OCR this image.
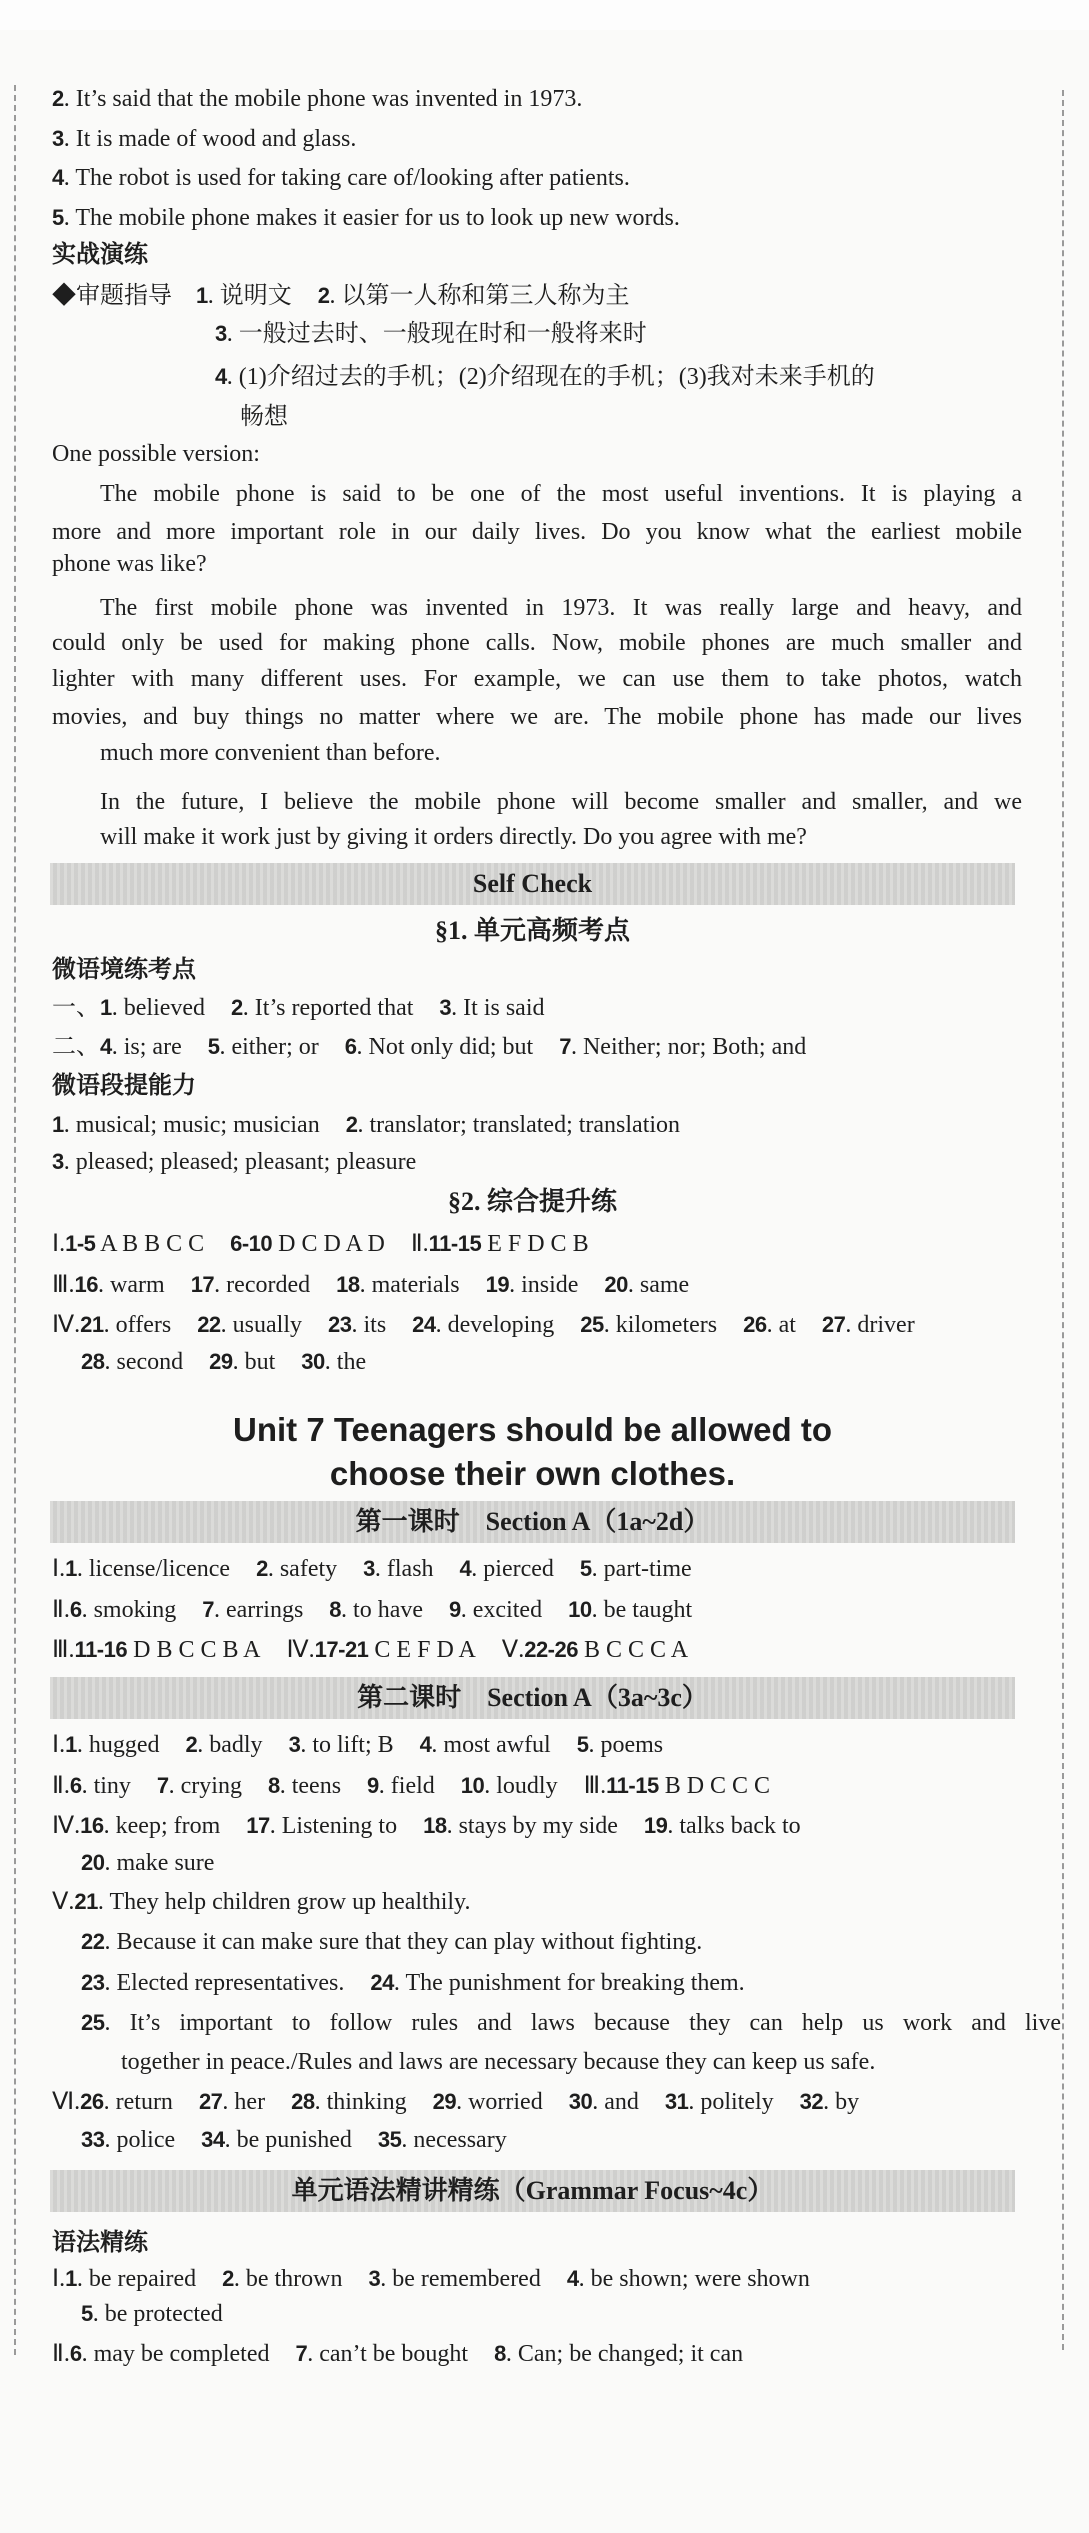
2. It’s said that the mobile phone was invented in 1973.
3. It is made of wood and glass.
4. The robot is used for taking care of/looking after patients.
5. The mobile phone makes it easier for us to look up new words.
实战演练
◆审题指导　1. 说明文 2. 以第一人称和第三人称为主
3. 一般过去时、一般现在时和一般将来时
4. (1)介绍过去的手机；(2)介绍现在的手机；(3)我对未来手机的
畅想
One possible version:
The mobile phone is said to be one of the most useful inventions. It is playing a
more and more important role in our daily lives. Do you know what the earliest mobile
phone was like?
The first mobile phone was invented in 1973. It was really large and heavy, and
could only be used for making phone calls. Now, mobile phones are much smaller and
lighter with many different uses. For example, we can use them to take photos, watch
movies, and buy things no matter where we are. The mobile phone has made our lives
much more convenient than before.
In the future, I believe the mobile phone will become smaller and smaller, and we
will make it work just by giving it orders directly. Do you agree with me?
Self Check
§1. 单元高频考点
微语境练考点
一、1. believed 2. It’s reported that 3. It is said
二、4. is; are 5. either; or 6. Not only did; but 7. Neither; nor; Both; and
微语段提能力
1. musical; music; musician 2. translator; translated; translation
3. pleased; pleased; pleasant; pleasure
§2. 综合提升练
Ⅰ.1-5 A B B C C 6-10 D C D A D Ⅱ.11-15 E F D C B
Ⅲ.16. warm 17. recorded 18. materials 19. inside 20. same
Ⅳ.21. offers 22. usually 23. its 24. developing 25. kilometers 26. at 27. driver
28. second 29. but 30. the
Unit 7 Teenagers should be allowed to
choose their own clothes.
第一课时　Section A（1a~2d）
Ⅰ.1. license/licence 2. safety 3. flash 4. pierced 5. part-time
Ⅱ.6. smoking 7. earrings 8. to have 9. excited 10. be taught
Ⅲ.11-16 D B C C B A Ⅳ.17-21 C E F D A Ⅴ.22-26 B C C C A
第二课时　Section A（3a~3c）
Ⅰ.1. hugged 2. badly 3. to lift; B 4. most awful 5. poems
Ⅱ.6. tiny 7. crying 8. teens 9. field 10. loudly Ⅲ.11-15 B D C C C
Ⅳ.16. keep; from 17. Listening to 18. stays by my side 19. talks back to
20. make sure
Ⅴ.21. They help children grow up healthily.
22. Because it can make sure that they can play without fighting.
23. Elected representatives. 24. The punishment for breaking them.
25. It’s important to follow rules and laws because they can help us work and live
together in peace./Rules and laws are necessary because they can keep us safe.
Ⅵ.26. return 27. her 28. thinking 29. worried 30. and 31. politely 32. by
33. police 34. be punished 35. necessary
单元语法精讲精练（Grammar Focus~4c）
语法精练
Ⅰ.1. be repaired 2. be thrown 3. be remembered 4. be shown; were shown
5. be protected
Ⅱ.6. may be completed 7. can’t be bought 8. Can; be changed; it can
